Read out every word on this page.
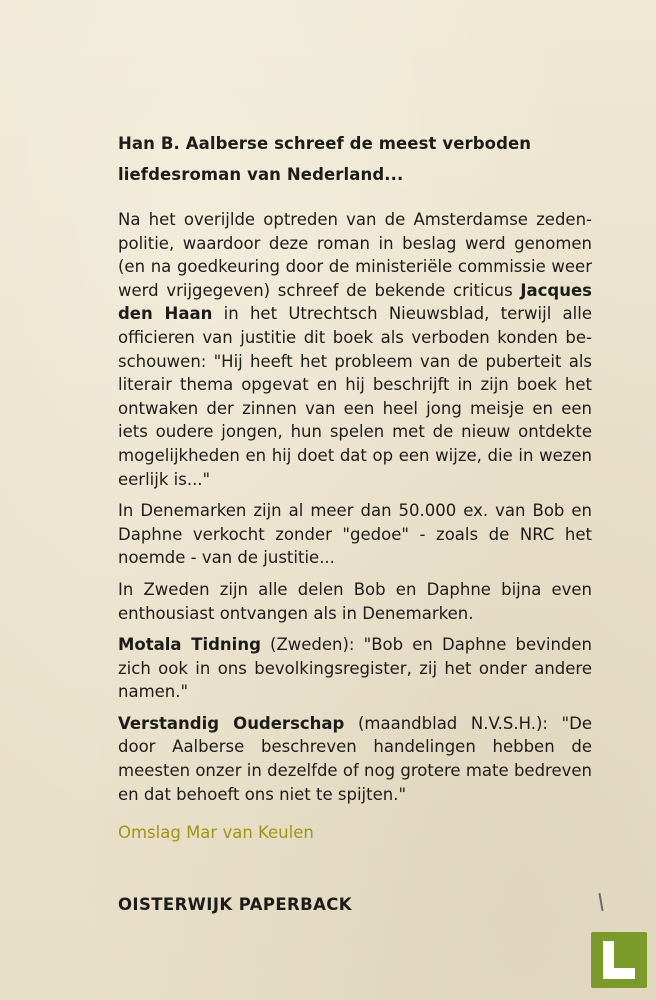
Han B. Aalberse schreef de meest verboden
liefdesroman van Nederland...

Na het overijlde optreden van de Amsterdamse zeden-politie, waardoor deze roman in beslag werd genomen (en na goedkeuring door de ministeriële commissie weer werd vrijgegeven) schreef de bekende criticus Jacques den Haan in het Utrechtsch Nieuwsblad, terwijl alle officieren van justitie dit boek als verboden konden be-schouwen: "Hij heeft het probleem van de puberteit als literair thema opgevat en hij beschrijft in zijn boek het ontwaken der zinnen van een heel jong meisje en een iets oudere jongen, hun spelen met de nieuw ontdekte mogelijkheden en hij doet dat op een wijze, die in wezen eerlijk is..."

In Denemarken zijn al meer dan 50.000 ex. van Bob en Daphne verkocht zonder "gedoe" - zoals de NRC het noemde - van de justitie...

In Zweden zijn alle delen Bob en Daphne bijna even enthousiast ontvangen als in Denemarken.

Motala Tidning (Zweden): "Bob en Daphne bevinden zich ook in ons bevolkingsregister, zij het onder andere namen."

Verstandig Ouderschap (maandblad N.V.S.H.): "De door Aalberse beschreven handelingen hebben de meesten onzer in dezelfde of nog grotere mate bedreven en dat behoeft ons niet te spijten."

Omslag Mar van Keulen
OISTERWIJK PAPERBACK
